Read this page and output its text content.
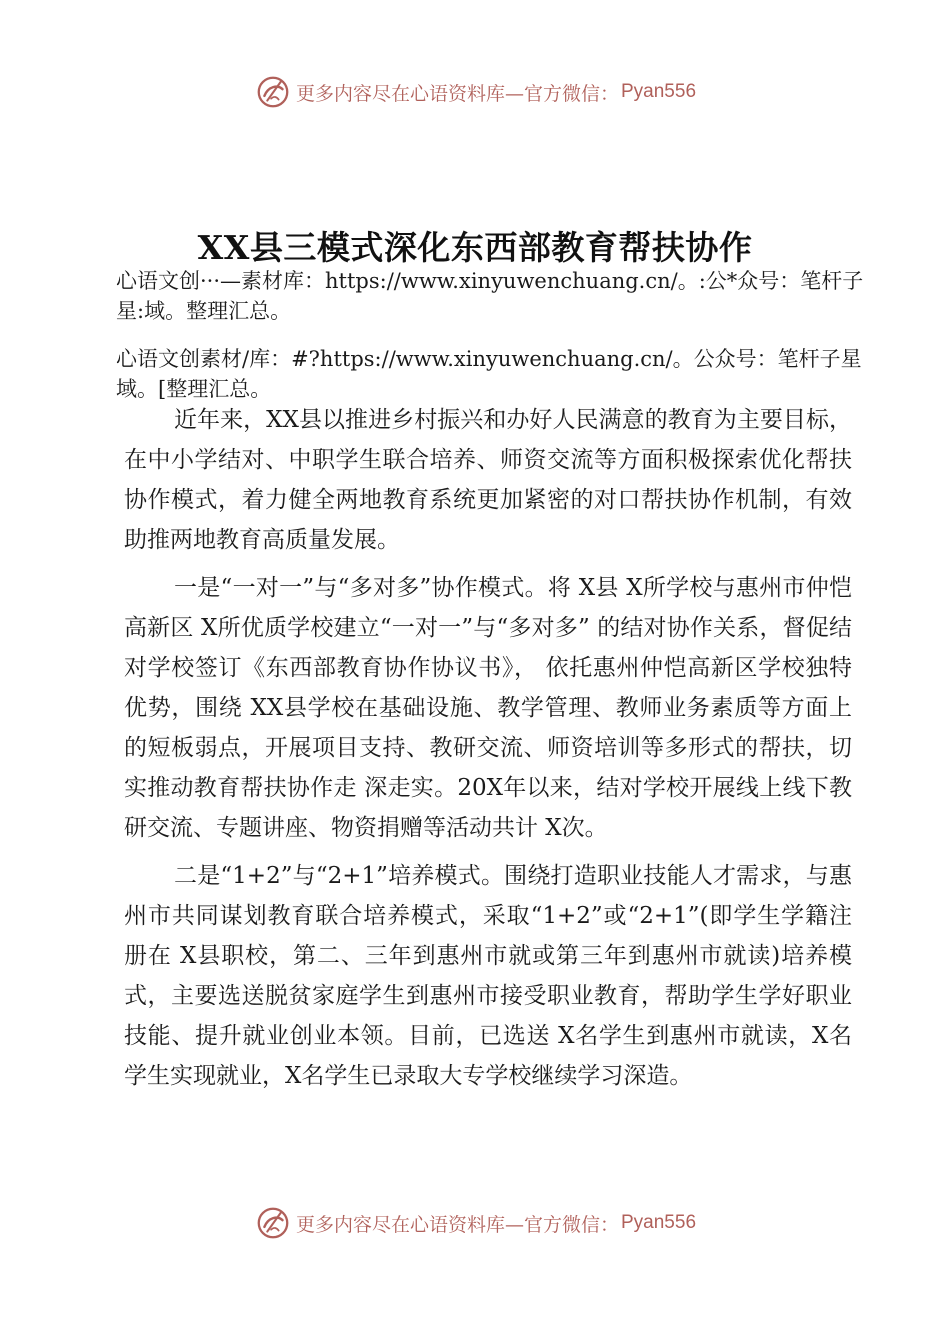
更多内容尽在心语资料库—官方微信： Pyan556
XX县三模式深化东西部教育帮扶协作
心语文创···—素材库：https://www.xinyuwenchuang.cn/。:公*众号：笔杆子星:域。整理汇总。
心语文创素材/库：#?https://www.xinyuwenchuang.cn/。公众号：笔杆子星域。[整理汇总。

近年来，XX县以推进乡村振兴和办好人民满意的教育为主要目标，在中小学结对、中职学生联合培养、师资交流等方面积极探索优化帮扶协作模式，着力健全两地教育系统更加紧密的对口帮扶协作机制，有效助推两地教育高质量发展。

一是“一对一”与“多对多”协作模式。将 X县 X所学校与惠州市仲恺高新区 X所优质学校建立“一对一”与“多对多” 的结对协作关系，督促结对学校签订《东西部教育协作协议书》， 依托惠州仲恺高新区学校独特优势，围绕 XX县学校在基础设施、教学管理、教师业务素质等方面上的短板弱点，开展项目支持、教研交流、师资培训等多形式的帮扶，切实推动教育帮扶协作走 深走实。20X年以来，结对学校开展线上线下教研交流、专题讲座、物资捐赠等活动共计 X次。

二是“1+2”与“2+1”培养模式。围绕打造职业技能人才需求，与惠州市共同谋划教育联合培养模式，采取“1+2”或“2+1”(即学生学籍注册在 X县职校，第二、三年到惠州市就或第三年到惠州市就读)培养模式，主要选送脱贫家庭学生到惠州市接受职业教育，帮助学生学好职业技能、提升就业创业本领。目前，已选送 X名学生到惠州市就读，X名学生实现就业，X名学生已录取大专学校继续学习深造。

更多内容尽在心语资料库—官方微信： Pyan556
